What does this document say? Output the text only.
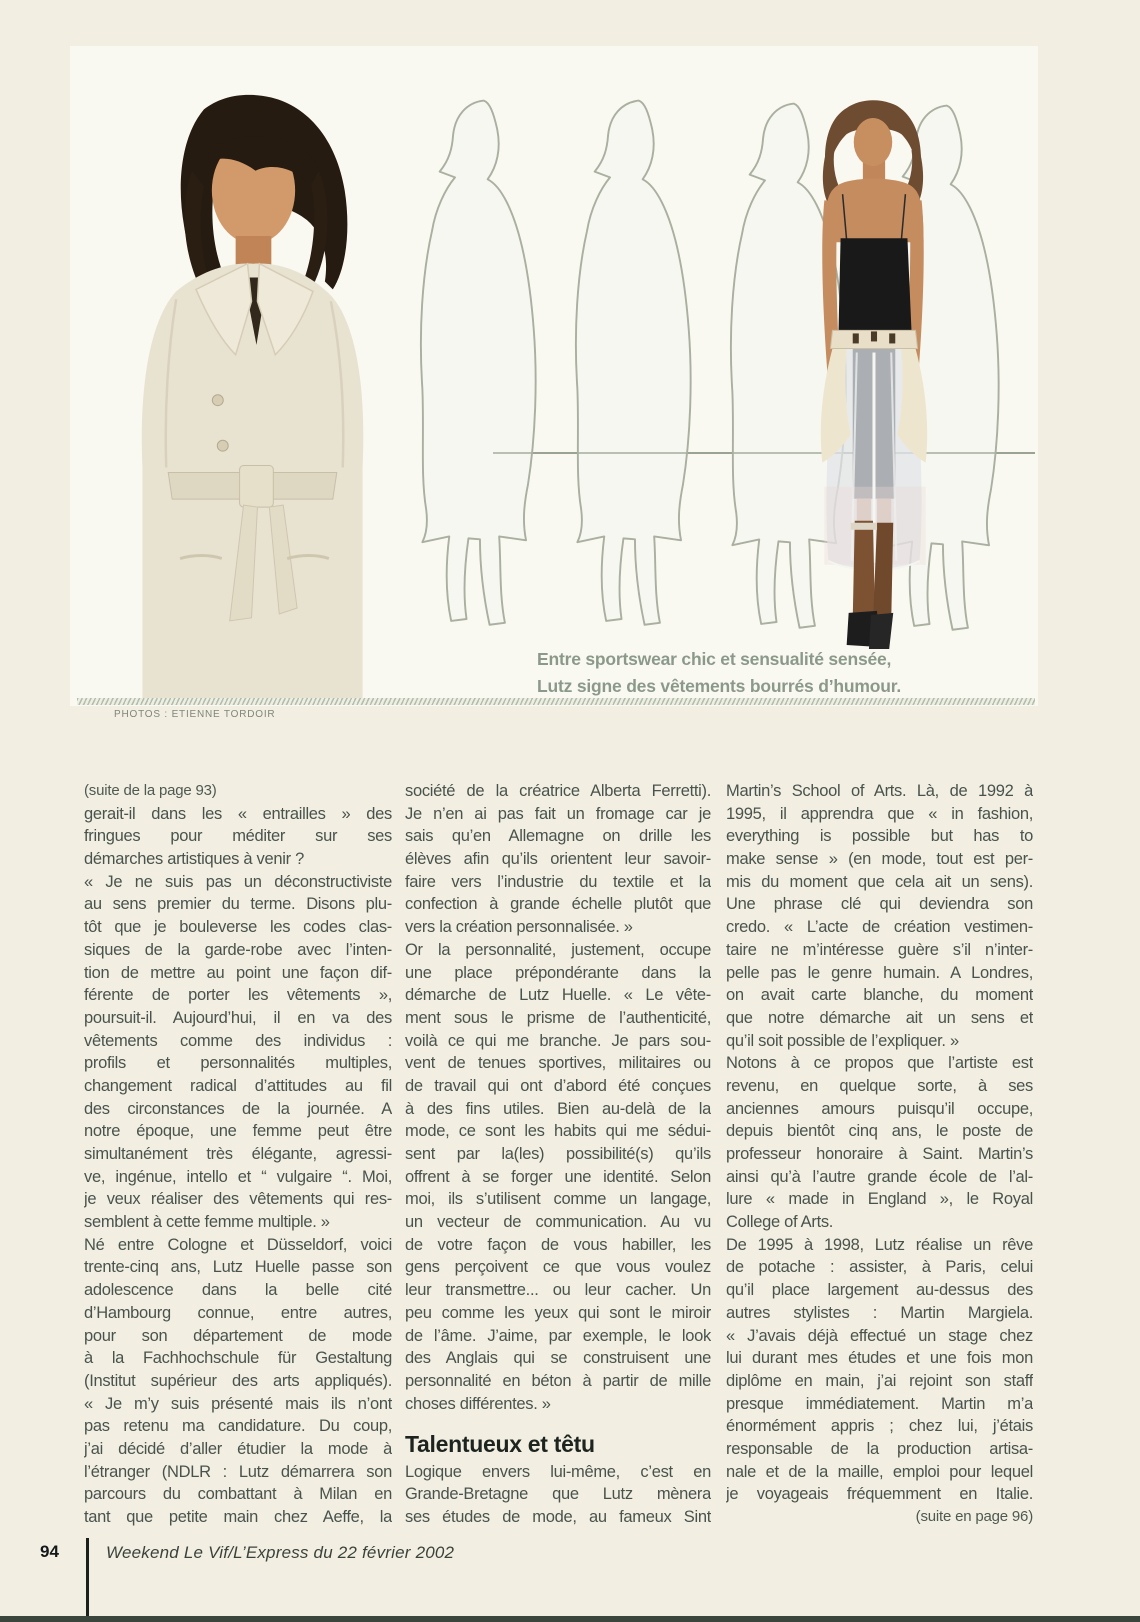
Entre sportswear chic et sensualité sensée,
Lutz signe des vêtements bourrés d’humour.
PHOTOS : ETIENNE TORDOIR
(suite de la page 93)
gerait-il dans les « entrailles » des
fringues pour méditer sur ses
démarches artistiques à venir ?
« Je ne suis pas un déconstructiviste
au sens premier du terme. Disons plu-
tôt que je bouleverse les codes clas-
siques de la garde-robe avec l’inten-
tion de mettre au point une façon dif-
férente de porter les vêtements »,
poursuit-il. Aujourd’hui, il en va des
vêtements comme des individus :
profils et personnalités multiples,
changement radical d’attitudes au fil
des circonstances de la journée. A
notre époque, une femme peut être
simultanément très élégante, agressi-
ve, ingénue, intello et “ vulgaire “. Moi,
je veux réaliser des vêtements qui res-
semblent à cette femme multiple. »
Né entre Cologne et Düsseldorf, voici
trente-cinq ans, Lutz Huelle passe son
adolescence dans la belle cité
d’Hambourg connue, entre autres,
pour son département de mode
à la Fachhochschule für Gestaltung
(Institut supérieur des arts appliqués).
« Je m’y suis présenté mais ils n’ont
pas retenu ma candidature. Du coup,
j’ai décidé d’aller étudier la mode à
l’étranger (NDLR : Lutz démarrera son
parcours du combattant à Milan en
tant que petite main chez Aeffe, la
société de la créatrice Alberta Ferretti).
Je n’en ai pas fait un fromage car je
sais qu’en Allemagne on drille les
élèves afin qu’ils orientent leur savoir-
faire vers l’industrie du textile et la
confection à grande échelle plutôt que
vers la création personnalisée. »
Or la personnalité, justement, occupe
une place prépondérante dans la
démarche de Lutz Huelle. « Le vête-
ment sous le prisme de l’authenticité,
voilà ce qui me branche. Je pars sou-
vent de tenues sportives, militaires ou
de travail qui ont d’abord été conçues
à des fins utiles. Bien au-delà de la
mode, ce sont les habits qui me sédui-
sent par la(les) possibilité(s) qu’ils
offrent à se forger une identité. Selon
moi, ils s’utilisent comme un langage,
un vecteur de communication. Au vu
de votre façon de vous habiller, les
gens perçoivent ce que vous voulez
leur transmettre... ou leur cacher. Un
peu comme les yeux qui sont le miroir
de l’âme. J’aime, par exemple, le look
des Anglais qui se construisent une
personnalité en béton à partir de mille
choses différentes. »
Talentueux et têtu
Logique envers lui-même, c’est en
Grande-Bretagne que Lutz mènera
ses études de mode, au fameux Sint
Martin’s School of Arts. Là, de 1992 à
1995, il apprendra que « in fashion,
everything is possible but has to
make sense » (en mode, tout est per-
mis du moment que cela ait un sens).
Une phrase clé qui deviendra son
credo. « L’acte de création vestimen-
taire ne m’intéresse guère s’il n’inter-
pelle pas le genre humain. A Londres,
on avait carte blanche, du moment
que notre démarche ait un sens et
qu’il soit possible de l’expliquer. »
Notons à ce propos que l’artiste est
revenu, en quelque sorte, à ses
anciennes amours puisqu’il occupe,
depuis bientôt cinq ans, le poste de
professeur honoraire à Saint. Martin’s
ainsi qu’à l’autre grande école de l’al-
lure « made in England », le Royal
College of Arts.
De 1995 à 1998, Lutz réalise un rêve
de potache : assister, à Paris, celui
qu’il place largement au-dessus des
autres stylistes : Martin Margiela.
« J’avais déjà effectué un stage chez
lui durant mes études et une fois mon
diplôme en main, j’ai rejoint son staff
presque immédiatement. Martin m’a
énormément appris ; chez lui, j’étais
responsable de la production artisa-
nale et de la maille, emploi pour lequel
je voyageais fréquemment en Italie.
(suite en page 96)
94	Weekend Le Vif/L’Express du 22 février 2002
